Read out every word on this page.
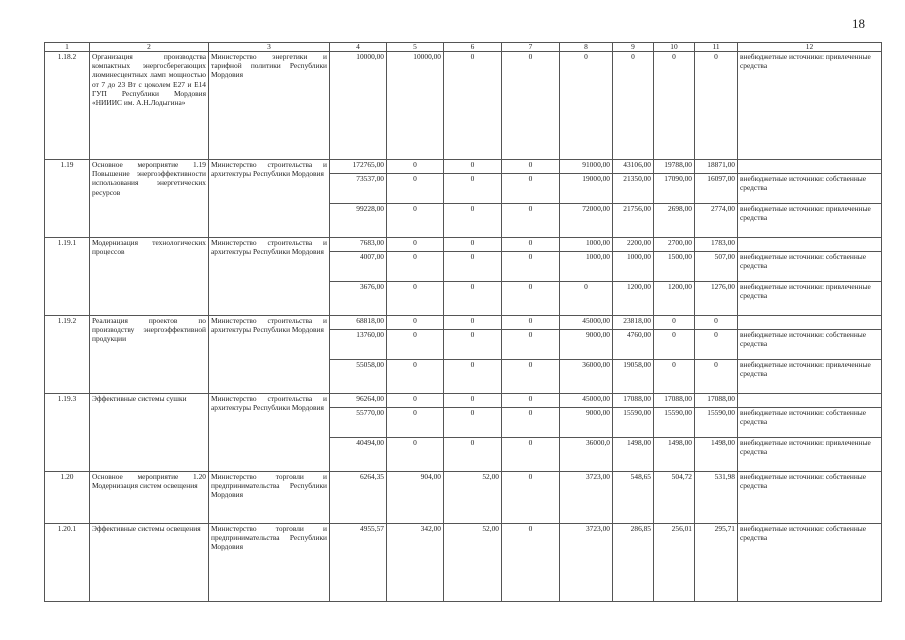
18
1	2	3	4	5	6	7	8	9	10	11	12
1.18.2	Организация производства компактных энергосберегающих люминесцентных ламп мощностью от 7 до 23 Вт с цоколем Е27 и Е14 ГУП Республики Мордовия «НИИИС им. А.Н.Лодыгина»	Министерство энергетики и тарифной политики Республики Мордовия	10000,00	10000,00	0	0	0	0	0	0	внебюджетные источники: привлеченные средства
1.19	Основное мероприятие 1.19 Повышение энергоэффективности использования энергетических ресурсов	Министерство строительства и архитектуры Республики Мордовия	172765,00	0	0	0	91000,00	43106,00	19788,00	18871,00	
			73537,00	0	0	0	19000,00	21350,00	17090,00	16097,00	внебюджетные источники: собственные средства
			99228,00	0	0	0	72000,00	21756,00	2698,00	2774,00	внебюджетные источники: привлеченные средства
1.19.1	Модернизация технологических процессов	Министерство строительства и архитектуры Республики Мордовия	7683,00	0	0	0	1000,00	2200,00	2700,00	1783,00	
			4007,00	0	0	0	1000,00	1000,00	1500,00	507,00	внебюджетные источники: собственные средства
			3676,00	0	0	0	0	1200,00	1200,00	1276,00	внебюджетные источники: привлеченные средства
1.19.2	Реализация проектов по производству энергоэффективной продукции	Министерство строительства и архитектуры Республики Мордовия	68818,00	0	0	0	45000,00	23818,00	0	0	
			13760,00	0	0	0	9000,00	4760,00	0	0	внебюджетные источники: собственные средства
			55058,00	0	0	0	36000,00	19058,00	0	0	внебюджетные источники: привлеченные средства
1.19.3	Эффективные системы сушки	Министерство строительства и архитектуры Республики Мордовия	96264,00	0	0	0	45000,00	17088,00	17088,00	17088,00	
			55770,00	0	0	0	9000,00	15590,00	15590,00	15590,00	внебюджетные источники: собственные средства
			40494,00	0	0	0	36000,0	1498,00	1498,00	1498,00	внебюджетные источники: привлеченные средства
1.20	Основное мероприятие 1.20 Модернизация систем освещения	Министерство торговли и предпринимательства Республики Мордовия	6264,35	904,00	52,00	0	3723,00	548,65	504,72	531,98	внебюджетные источники: собственные средства
1.20.1	Эффективные системы освещения	Министерство торговли и предпринимательства Республики Мордовия	4955,57	342,00	52,00	0	3723,00	286,85	256,01	295,71	внебюджетные источники: собственные средства
